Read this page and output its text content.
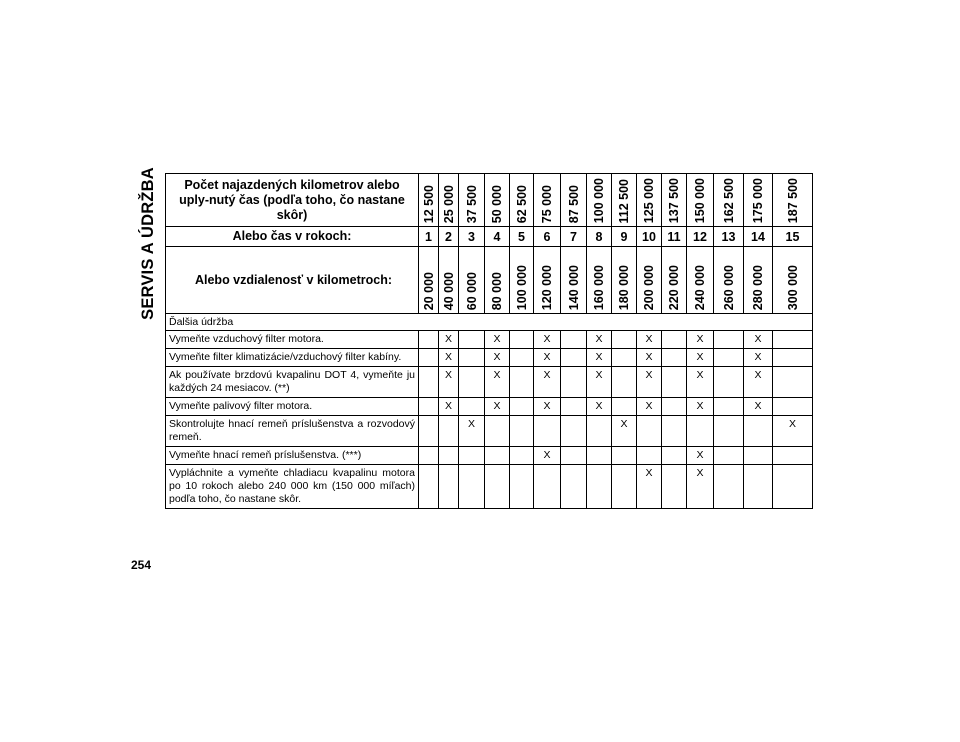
SERVIS A ÚDRŽBA Počet najazdených kilometrov alebo uply-nutý čas (podľa toho, čo nastane skôr)	12 500	25 000	37 500	50 000	62 500	75 000	87 500	100 000	112 500	125 000	137 500	150 000	162 500	175 000	187 500

Alebo čas v rokoch:	1	2	3	4	5	6	7	8	9	10	11	12	13	14	15
Alebo vzdialenosť v kilometroch:	20 000	40 000	60 000	80 000	100 000	120 000	140 000	160 000	180 000	200 000	220 000	240 000	260 000	280 000	300 000

Ďalšia údržba															
Vymeňte vzduchový filter motora.		X		X		X		X		X		X		X	
Vymeňte filter klimatizácie/vzduchový filter kabíny.		X		X		X		X		X		X		X	
Ak používate brzdovú kvapalinu DOT 4, vymeňte ju každých 24 mesiacov. (**)		X		X		X		X		X		X		X	
Vymeňte palivový filter motora.		X		X		X		X		X		X		X	
Skontrolujte hnací remeň príslušenstva a rozvodový remeň.			X						X						X
Vymeňte hnací remeň príslušenstva. (***)						X						X			
Vypláchnite a vymeňte chladiacu kvapalinu motora po 10 rokoch alebo 240 000 km (150 000 míľach) podľa toho, čo nastane skôr.										X		X			
254
